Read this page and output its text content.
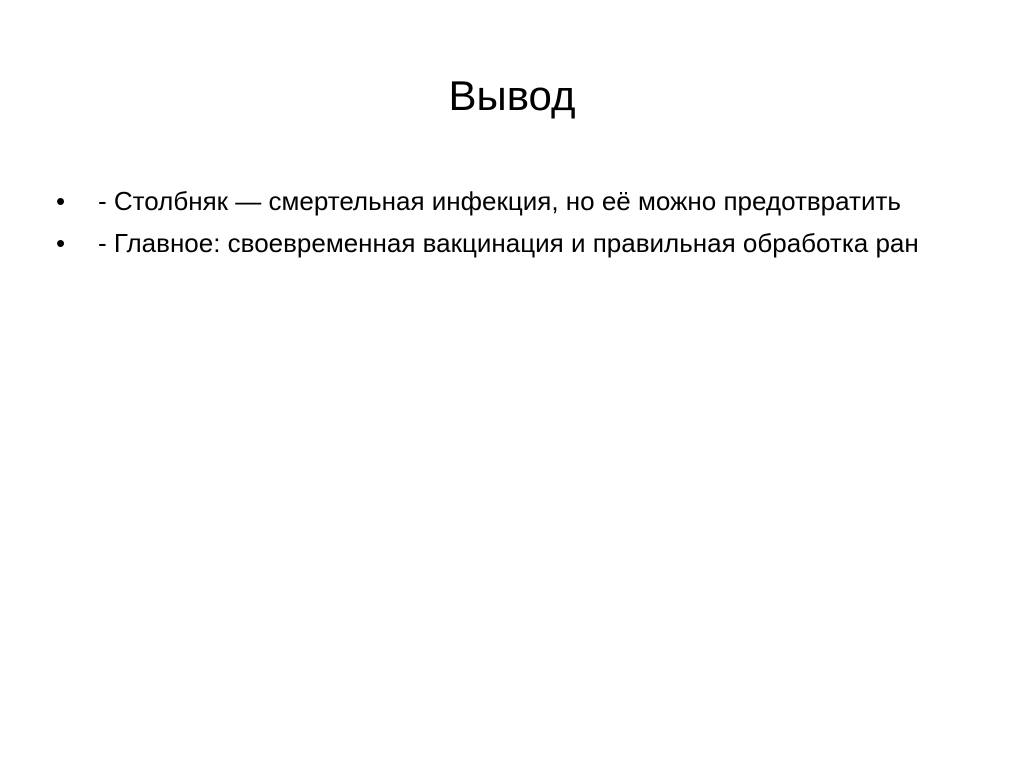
Вывод
•	- Столбняк — смертельная инфекция, но её можно предотвратить
•	- Главное: своевременная вакцинация и правильная обработка ран
